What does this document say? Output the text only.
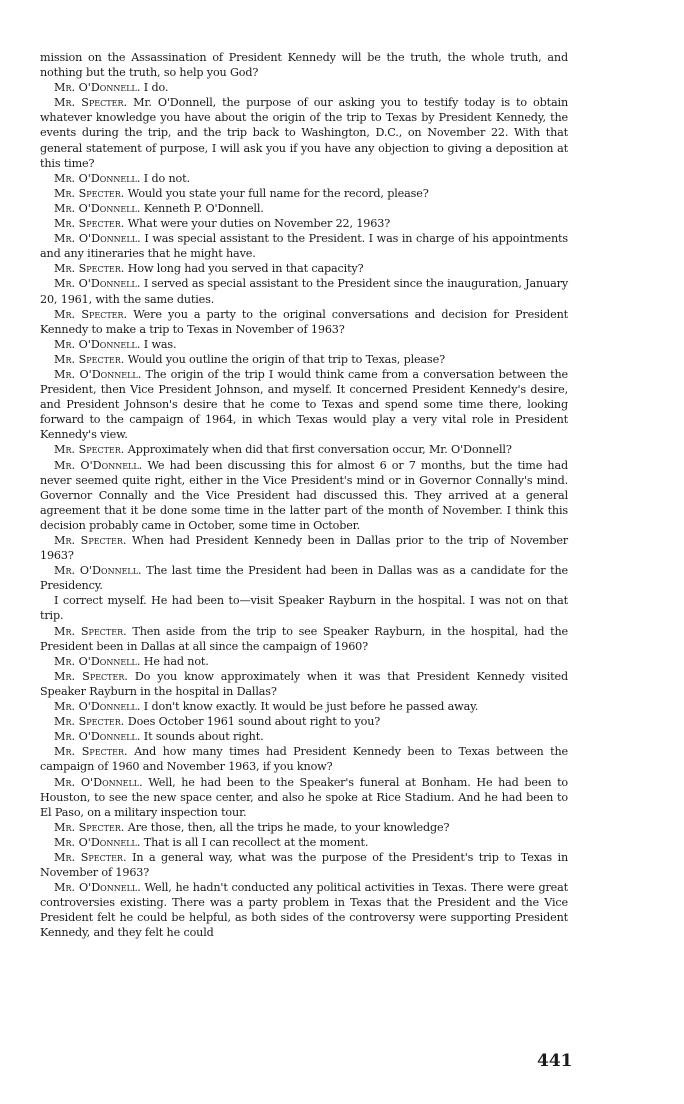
mission on the Assassination of President Kennedy will be the truth, the whole truth, and nothing but the truth, so help you God?

Mr. O'Donnell. I do.

Mr. Specter. Mr. O'Donnell, the purpose of our asking you to testify today is to obtain whatever knowledge you have about the origin of the trip to Texas by President Kennedy, the events during the trip, and the trip back to Washington, D.C., on November 22. With that general statement of purpose, I will ask you if you have any objection to giving a deposition at this time?

Mr. O'Donnell. I do not.

Mr. Specter. Would you state your full name for the record, please?

Mr. O'Donnell. Kenneth P. O'Donnell.

Mr. Specter. What were your duties on November 22, 1963?

Mr. O'Donnell. I was special assistant to the President. I was in charge of his appointments and any itineraries that he might have.

Mr. Specter. How long had you served in that capacity?

Mr. O'Donnell. I served as special assistant to the President since the inauguration, January 20, 1961, with the same duties.

Mr. Specter. Were you a party to the original conversations and decision for President Kennedy to make a trip to Texas in November of 1963?

Mr. O'Donnell. I was.

Mr. Specter. Would you outline the origin of that trip to Texas, please?

Mr. O'Donnell. The origin of the trip I would think came from a conversation between the President, then Vice President Johnson, and myself. It concerned President Kennedy's desire, and President Johnson's desire that he come to Texas and spend some time there, looking forward to the campaign of 1964, in which Texas would play a very vital role in President Kennedy's view.

Mr. Specter. Approximately when did that first conversation occur, Mr. O'Donnell?

Mr. O'Donnell. We had been discussing this for almost 6 or 7 months, but the time had never seemed quite right, either in the Vice President's mind or in Governor Connally's mind. Governor Connally and the Vice President had discussed this. They arrived at a general agreement that it be done some time in the latter part of the month of November. I think this decision probably came in October, some time in October.

Mr. Specter. When had President Kennedy been in Dallas prior to the trip of November 1963?

Mr. O'Donnell. The last time the President had been in Dallas was as a candidate for the Presidency.

I correct myself. He had been to—visit Speaker Rayburn in the hospital. I was not on that trip.

Mr. Specter. Then aside from the trip to see Speaker Rayburn, in the hospital, had the President been in Dallas at all since the campaign of 1960?

Mr. O'Donnell. He had not.

Mr. Specter. Do you know approximately when it was that President Kennedy visited Speaker Rayburn in the hospital in Dallas?

Mr. O'Donnell. I don't know exactly. It would be just before he passed away.

Mr. Specter. Does October 1961 sound about right to you?

Mr. O'Donnell. It sounds about right.

Mr. Specter. And how many times had President Kennedy been to Texas between the campaign of 1960 and November 1963, if you know?

Mr. O'Donnell. Well, he had been to the Speaker's funeral at Bonham. He had been to Houston, to see the new space center, and also he spoke at Rice Stadium. And he had been to El Paso, on a military inspection tour.

Mr. Specter. Are those, then, all the trips he made, to your knowledge?

Mr. O'Donnell. That is all I can recollect at the moment.

Mr. Specter. In a general way, what was the purpose of the President's trip to Texas in November of 1963?

Mr. O'Donnell. Well, he hadn't conducted any political activities in Texas. There were great controversies existing. There was a party problem in Texas that the President and the Vice President felt he could be helpful, as both sides of the controversy were supporting President Kennedy, and they felt he could

441
